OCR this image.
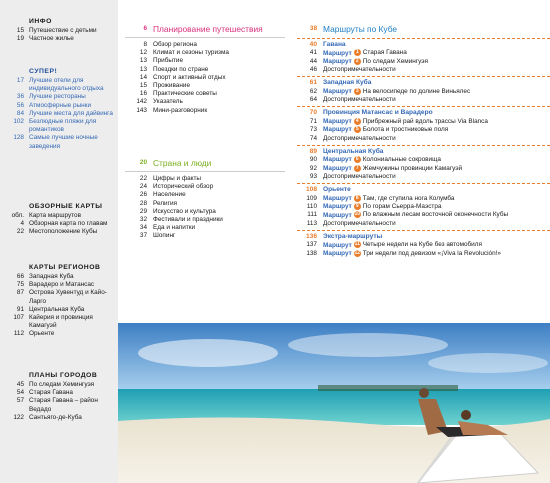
ИНФО
15 Путешествие с детьми
19 Частное жилье
СУПЕР!
17 Лучшие отели для индивидуального отдыха
36 Лучшие рестораны
56 Атмосферные рынки
84 Лучшие места для дайвинга
102 Безлюдные пляжи для романтиков
128 Самые лучшие ночные заведения
ОБЗОРНЫЕ КАРТЫ
обл. Карта маршрутов
4 Обзорная карта по главам
22 Местоположение Кубы
КАРТЫ РЕГИОНОВ
66 Западная Куба
75 Варадеро и Матансас
87 Острова Хувентуд и Кайо-Ларго
91 Центральная Куба
107 Кайерия и провинция Камагуэй
112 Орьенте
ПЛАНЫ ГОРОДОВ
45 По следам Хемингуэя
54 Старая Гавана
57 Старая Гавана – район Ведадо
122 Сантьяго-де-Куба
6 Планирование путешествия
8 Обзор региона
12 Климат и сезоны туризма
13 Прибытие
13 Поездки по стране
14 Спорт и активный отдых
15 Проживание
16 Практические советы
142 Указатель
143 Мини-разговорник
20 Страна и люди
22 Цифры и факты
24 Исторический обзор
26 Население
28 Религия
29 Искусство и культура
32 Фестивали и праздники
34 Еда и напитки
37 Шопинг
38 Маршруты по Кубе
40 Гавана
41 Маршрут 1 Старая Гавана
44 Маршрут 2 По следам Хемингуэя
46 Достопримечательности
61 Западная Куба
62 Маршрут 3 На велосипеде по долине Виньялес
64 Достопримечательности
70 Провинция Матансас и Варадеро
71 Маршрут 4 Прибрежный рай вдоль трассы Via Blanca
73 Маршрут 5 Болота и тростниковые поля
74 Достопримечательности
89 Центральная Куба
90 Маршрут 6 Колониальные сокровища
92 Маршрут 7 Жемчужины провинции Камагуэй
93 Достопримечательности
108 Орьенте
109 Маршрут 8 Там, где ступила нога Колумба
110 Маршрут 9 По горам Сьерра-Маэстра
111 Маршрут 10 По влажным лесам восточной оконечности Кубы
113 Достопримечательности
136 Экстра-маршруты
137 Маршрут 11 Четыре недели на Кубе без автомобиля
138 Маршрут 12 Три недели под девизом «¡Viva la Revolución!»
